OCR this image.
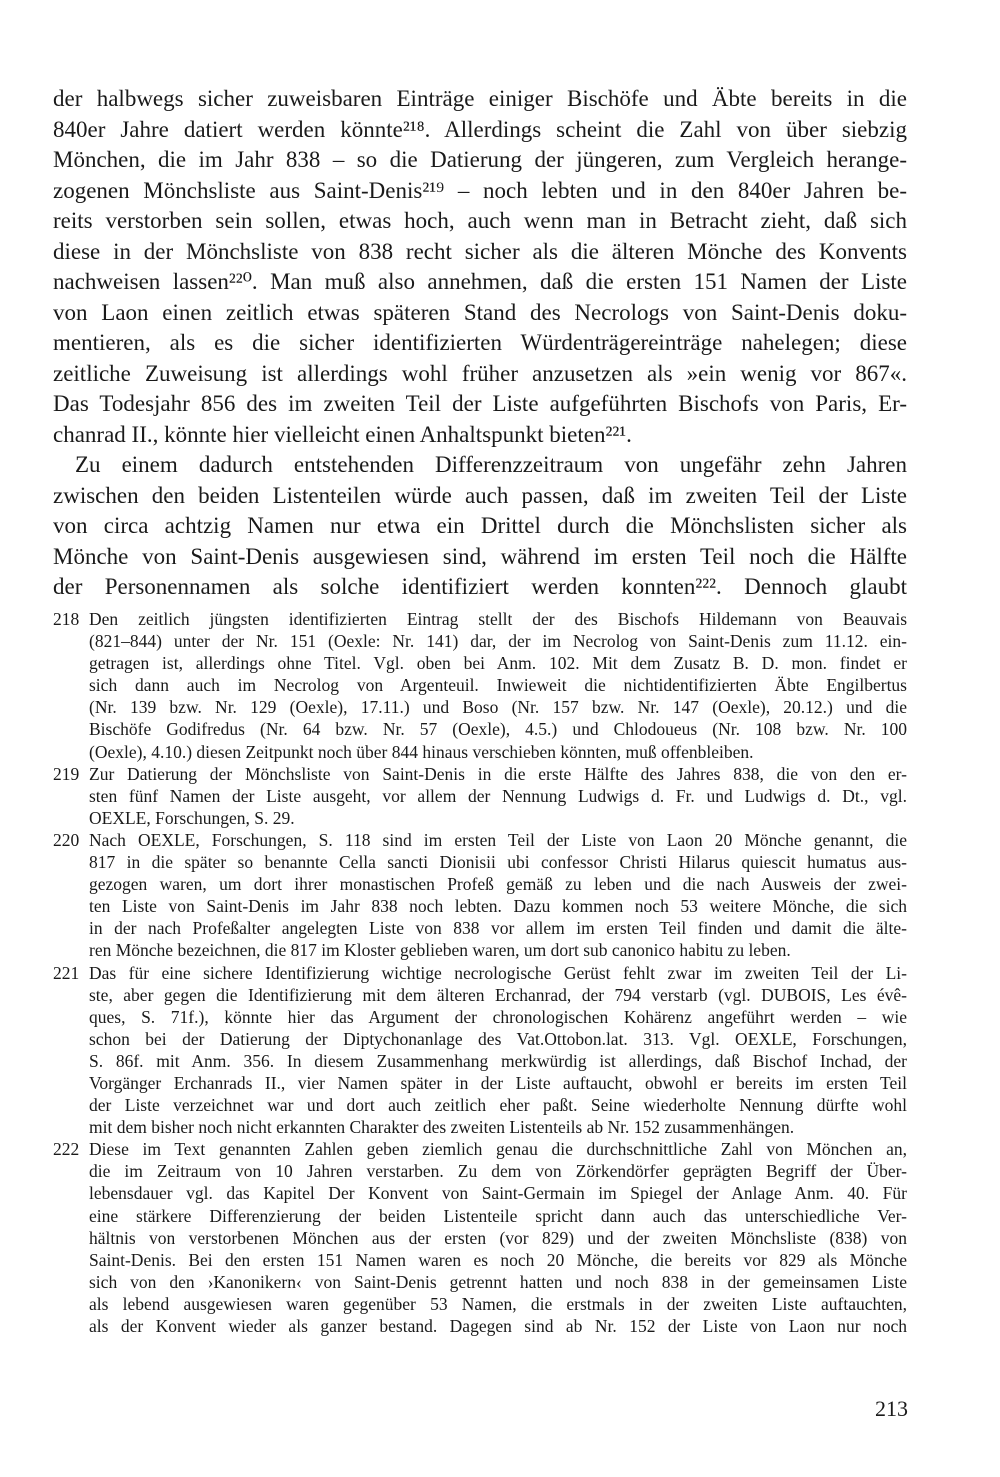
der halbwegs sicher zuweisbaren Einträge einiger Bischöfe und Äbte bereits in die
840er Jahre datiert werden könnte²¹⁸. Allerdings scheint die Zahl von über siebzig
Mönchen, die im Jahr 838 – so die Datierung der jüngeren, zum Vergleich herange-
zogenen Mönchsliste aus Saint-Denis²¹⁹ – noch lebten und in den 840er Jahren be-
reits verstorben sein sollen, etwas hoch, auch wenn man in Betracht zieht, daß sich
diese in der Mönchsliste von 838 recht sicher als die älteren Mönche des Konvents
nachweisen lassen²²⁰. Man muß also annehmen, daß die ersten 151 Namen der Liste
von Laon einen zeitlich etwas späteren Stand des Necrologs von Saint-Denis doku-
mentieren, als es die sicher identifizierten Würdenträgereinträge nahelegen; diese
zeitliche Zuweisung ist allerdings wohl früher anzusetzen als »ein wenig vor 867«.
Das Todesjahr 856 des im zweiten Teil der Liste aufgeführten Bischofs von Paris, Er-
chanrad II., könnte hier vielleicht einen Anhaltspunkt bieten²²¹.
Zu einem dadurch entstehenden Differenzzeitraum von ungefähr zehn Jahren
zwischen den beiden Listenteilen würde auch passen, daß im zweiten Teil der Liste
von circa achtzig Namen nur etwa ein Drittel durch die Mönchslisten sicher als
Mönche von Saint-Denis ausgewiesen sind, während im ersten Teil noch die Hälfte
der Personennamen als solche identifiziert werden konnten²²². Dennoch glaubt
218 Den zeitlich jüngsten identifizierten Eintrag stellt der des Bischofs Hildemann von Beauvais
(821–844) unter der Nr. 151 (Oexle: Nr. 141) dar, der im Necrolog von Saint-Denis zum 11.12. ein-
getragen ist, allerdings ohne Titel. Vgl. oben bei Anm. 102. Mit dem Zusatz B. D. mon. findet er
sich dann auch im Necrolog von Argenteuil. Inwieweit die nichtidentifizierten Äbte Engilbertus
(Nr. 139 bzw. Nr. 129 (Oexle), 17.11.) und Boso (Nr. 157 bzw. Nr. 147 (Oexle), 20.12.) und die
Bischöfe Godifredus (Nr. 64 bzw. Nr. 57 (Oexle), 4.5.) und Chlodoueus (Nr. 108 bzw. Nr. 100
(Oexle), 4.10.) diesen Zeitpunkt noch über 844 hinaus verschieben könnten, muß offenbleiben.
219 Zur Datierung der Mönchsliste von Saint-Denis in die erste Hälfte des Jahres 838, die von den er-
sten fünf Namen der Liste ausgeht, vor allem der Nennung Ludwigs d. Fr. und Ludwigs d. Dt., vgl.
OEXLE, Forschungen, S. 29.
220 Nach OEXLE, Forschungen, S. 118 sind im ersten Teil der Liste von Laon 20 Mönche genannt, die
817 in die später so benannte Cella sancti Dionisii ubi confessor Christi Hilarus quiescit humatus aus-
gezogen waren, um dort ihrer monastischen Profeß gemäß zu leben und die nach Ausweis der zwei-
ten Liste von Saint-Denis im Jahr 838 noch lebten. Dazu kommen noch 53 weitere Mönche, die sich
in der nach Profeßalter angelegten Liste von 838 vor allem im ersten Teil finden und damit die älte-
ren Mönche bezeichnen, die 817 im Kloster geblieben waren, um dort sub canonico habitu zu leben.
221 Das für eine sichere Identifizierung wichtige necrologische Gerüst fehlt zwar im zweiten Teil der Li-
ste, aber gegen die Identifizierung mit dem älteren Erchanrad, der 794 verstarb (vgl. DUBOIS, Les évê-
ques, S. 71f.), könnte hier das Argument der chronologischen Kohärenz angeführt werden – wie
schon bei der Datierung der Diptychonanlage des Vat.Ottobon.lat. 313. Vgl. OEXLE, Forschungen,
S. 86f. mit Anm. 356. In diesem Zusammenhang merkwürdig ist allerdings, daß Bischof Inchad, der
Vorgänger Erchanrads II., vier Namen später in der Liste auftaucht, obwohl er bereits im ersten Teil
der Liste verzeichnet war und dort auch zeitlich eher paßt. Seine wiederholte Nennung dürfte wohl
mit dem bisher noch nicht erkannten Charakter des zweiten Listenteils ab Nr. 152 zusammenhängen.
222 Diese im Text genannten Zahlen geben ziemlich genau die durchschnittliche Zahl von Mönchen an,
die im Zeitraum von 10 Jahren verstarben. Zu dem von Zörkendörfer geprägten Begriff der Über-
lebensdauer vgl. das Kapitel Der Konvent von Saint-Germain im Spiegel der Anlage Anm. 40. Für
eine stärkere Differenzierung der beiden Listenteile spricht dann auch das unterschiedliche Ver-
hältnis von verstorbenen Mönchen aus der ersten (vor 829) und der zweiten Mönchsliste (838) von
Saint-Denis. Bei den ersten 151 Namen waren es noch 20 Mönche, die bereits vor 829 als Mönche
sich von den ›Kanonikern‹ von Saint-Denis getrennt hatten und noch 838 in der gemeinsamen Liste
als lebend ausgewiesen waren gegenüber 53 Namen, die erstmals in der zweiten Liste auftauchten,
als der Konvent wieder als ganzer bestand. Dagegen sind ab Nr. 152 der Liste von Laon nur noch
213
